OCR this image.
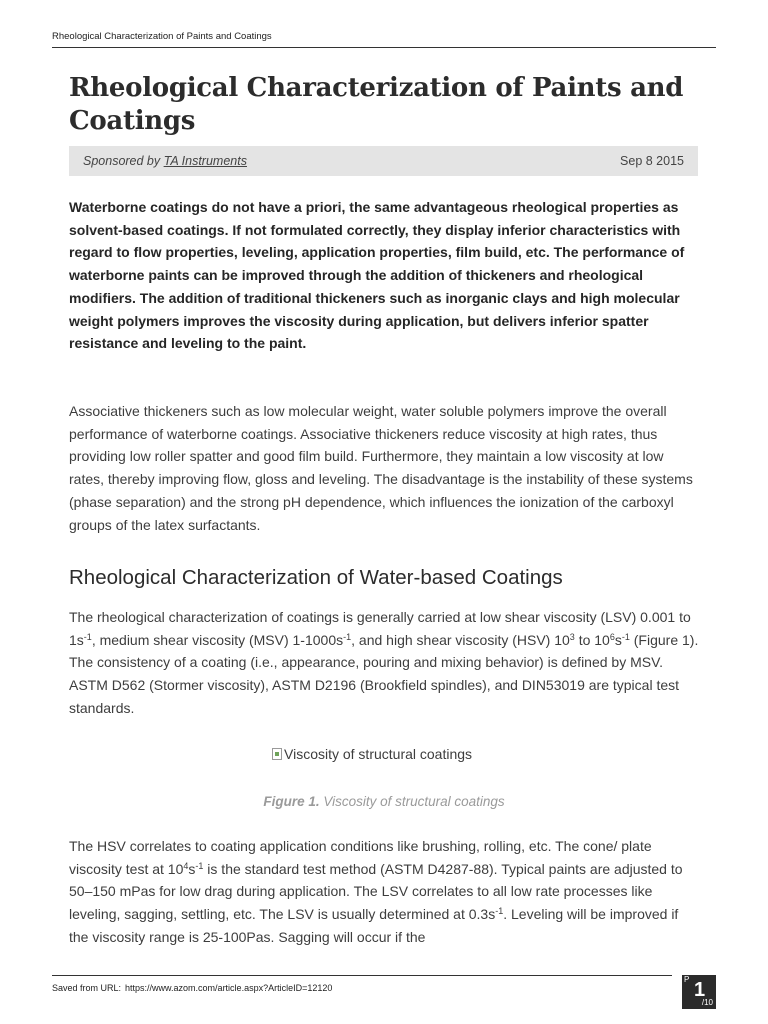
Rheological Characterization of Paints and Coatings
Rheological Characterization of Paints and Coatings
Sponsored by TA Instruments	Sep 8 2015

Waterborne coatings do not have a priori, the same advantageous rheological properties as solvent-based coatings. If not formulated correctly, they display inferior characteristics with regard to flow properties, leveling, application properties, film build, etc. The performance of waterborne paints can be improved through the addition of thickeners and rheological modifiers. The addition of traditional thickeners such as inorganic clays and high molecular weight polymers improves the viscosity during application, but delivers inferior spatter resistance and leveling to the paint.

Associative thickeners such as low molecular weight, water soluble polymers improve the overall performance of waterborne coatings. Associative thickeners reduce viscosity at high rates, thus providing low roller spatter and good film build. Furthermore, they maintain a low viscosity at low rates, thereby improving flow, gloss and leveling. The disadvantage is the instability of these systems (phase separation) and the strong pH dependence, which influences the ionization of the carboxyl groups of the latex surfactants.

Rheological Characterization of Water-based Coatings

The rheological characterization of coatings is generally carried at low shear viscosity (LSV) 0.001 to $1s^{-1}$, medium shear viscosity (MSV) $1-1000s^{-1}$, and high shear viscosity (HSV) $10^3$ to $10^6s^{-1}$ (Figure 1). The consistency of a coating (i.e., appearance, pouring and mixing behavior) is defined by MSV. ASTM D562 (Stormer viscosity), ASTM D2196 (Brookfield spindles), and DIN53019 are typical test standards.

Viscosity of structural coatings
Figure 1. Viscosity of structural coatings

The HSV correlates to coating application conditions like brushing, rolling, etc. The cone/ plate viscosity test at $10^4s^{-1}$ is the standard test method (ASTM D4287-88). Typical paints are adjusted to 50–150 mPas for low drag during application. The LSV correlates to all low rate processes like leveling, sagging, settling, etc. The LSV is usually determined at $0.3s^{-1}$. Leveling will be improved if the viscosity range is 25-100Pas. Sagging will occur if the

Saved from URL: https://www.azom.com/article.aspx?ArticleID=12120
P 1
/10
